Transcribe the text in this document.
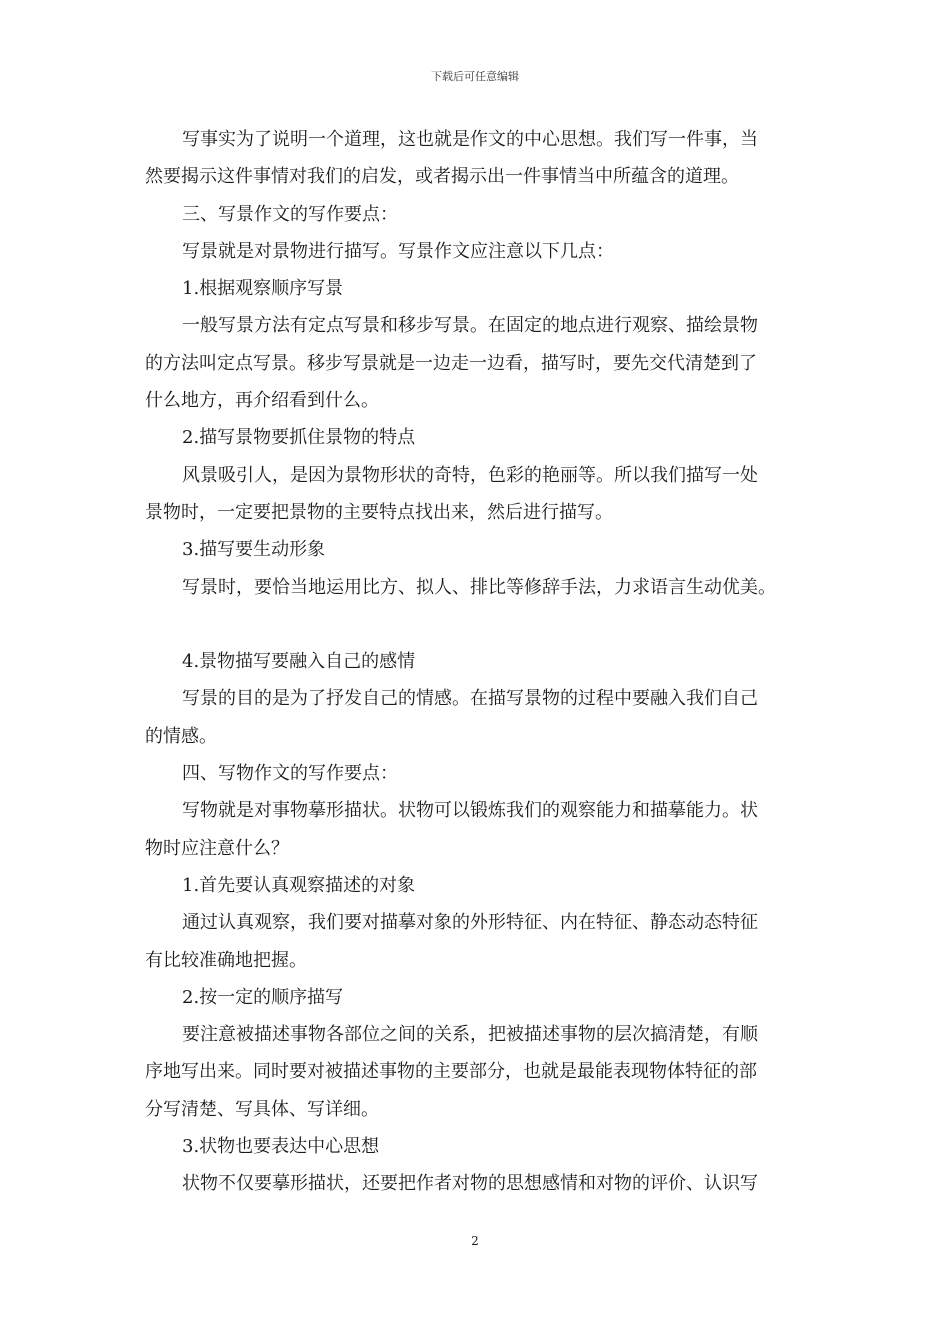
下载后可任意编辑
写事实为了说明一个道理，这也就是作文的中心思想。我们写一件事，当
然要揭示这件事情对我们的启发，或者揭示出一件事情当中所蕴含的道理。
三、写景作文的写作要点：
写景就是对景物进行描写。写景作文应注意以下几点：
1.根据观察顺序写景
一般写景方法有定点写景和移步写景。在固定的地点进行观察、描绘景物
的方法叫定点写景。移步写景就是一边走一边看，描写时，要先交代清楚到了
什么地方，再介绍看到什么。
2.描写景物要抓住景物的特点
风景吸引人，是因为景物形状的奇特，色彩的艳丽等。所以我们描写一处
景物时，一定要把景物的主要特点找出来，然后进行描写。
3.描写要生动形象
写景时，要恰当地运用比方、拟人、排比等修辞手法，力求语言生动优美。
4.景物描写要融入自己的感情
写景的目的是为了抒发自己的情感。在描写景物的过程中要融入我们自己
的情感。
四、写物作文的写作要点：
写物就是对事物摹形描状。状物可以锻炼我们的观察能力和描摹能力。状
物时应注意什么？
1.首先要认真观察描述的对象
通过认真观察，我们要对描摹对象的外形特征、内在特征、静态动态特征
有比较准确地把握。
2.按一定的顺序描写
要注意被描述事物各部位之间的关系，把被描述事物的层次搞清楚，有顺
序地写出来。同时要对被描述事物的主要部分，也就是最能表现物体特征的部
分写清楚、写具体、写详细。
3.状物也要表达中心思想
状物不仅要摹形描状，还要把作者对物的思想感情和对物的评价、认识写
2
